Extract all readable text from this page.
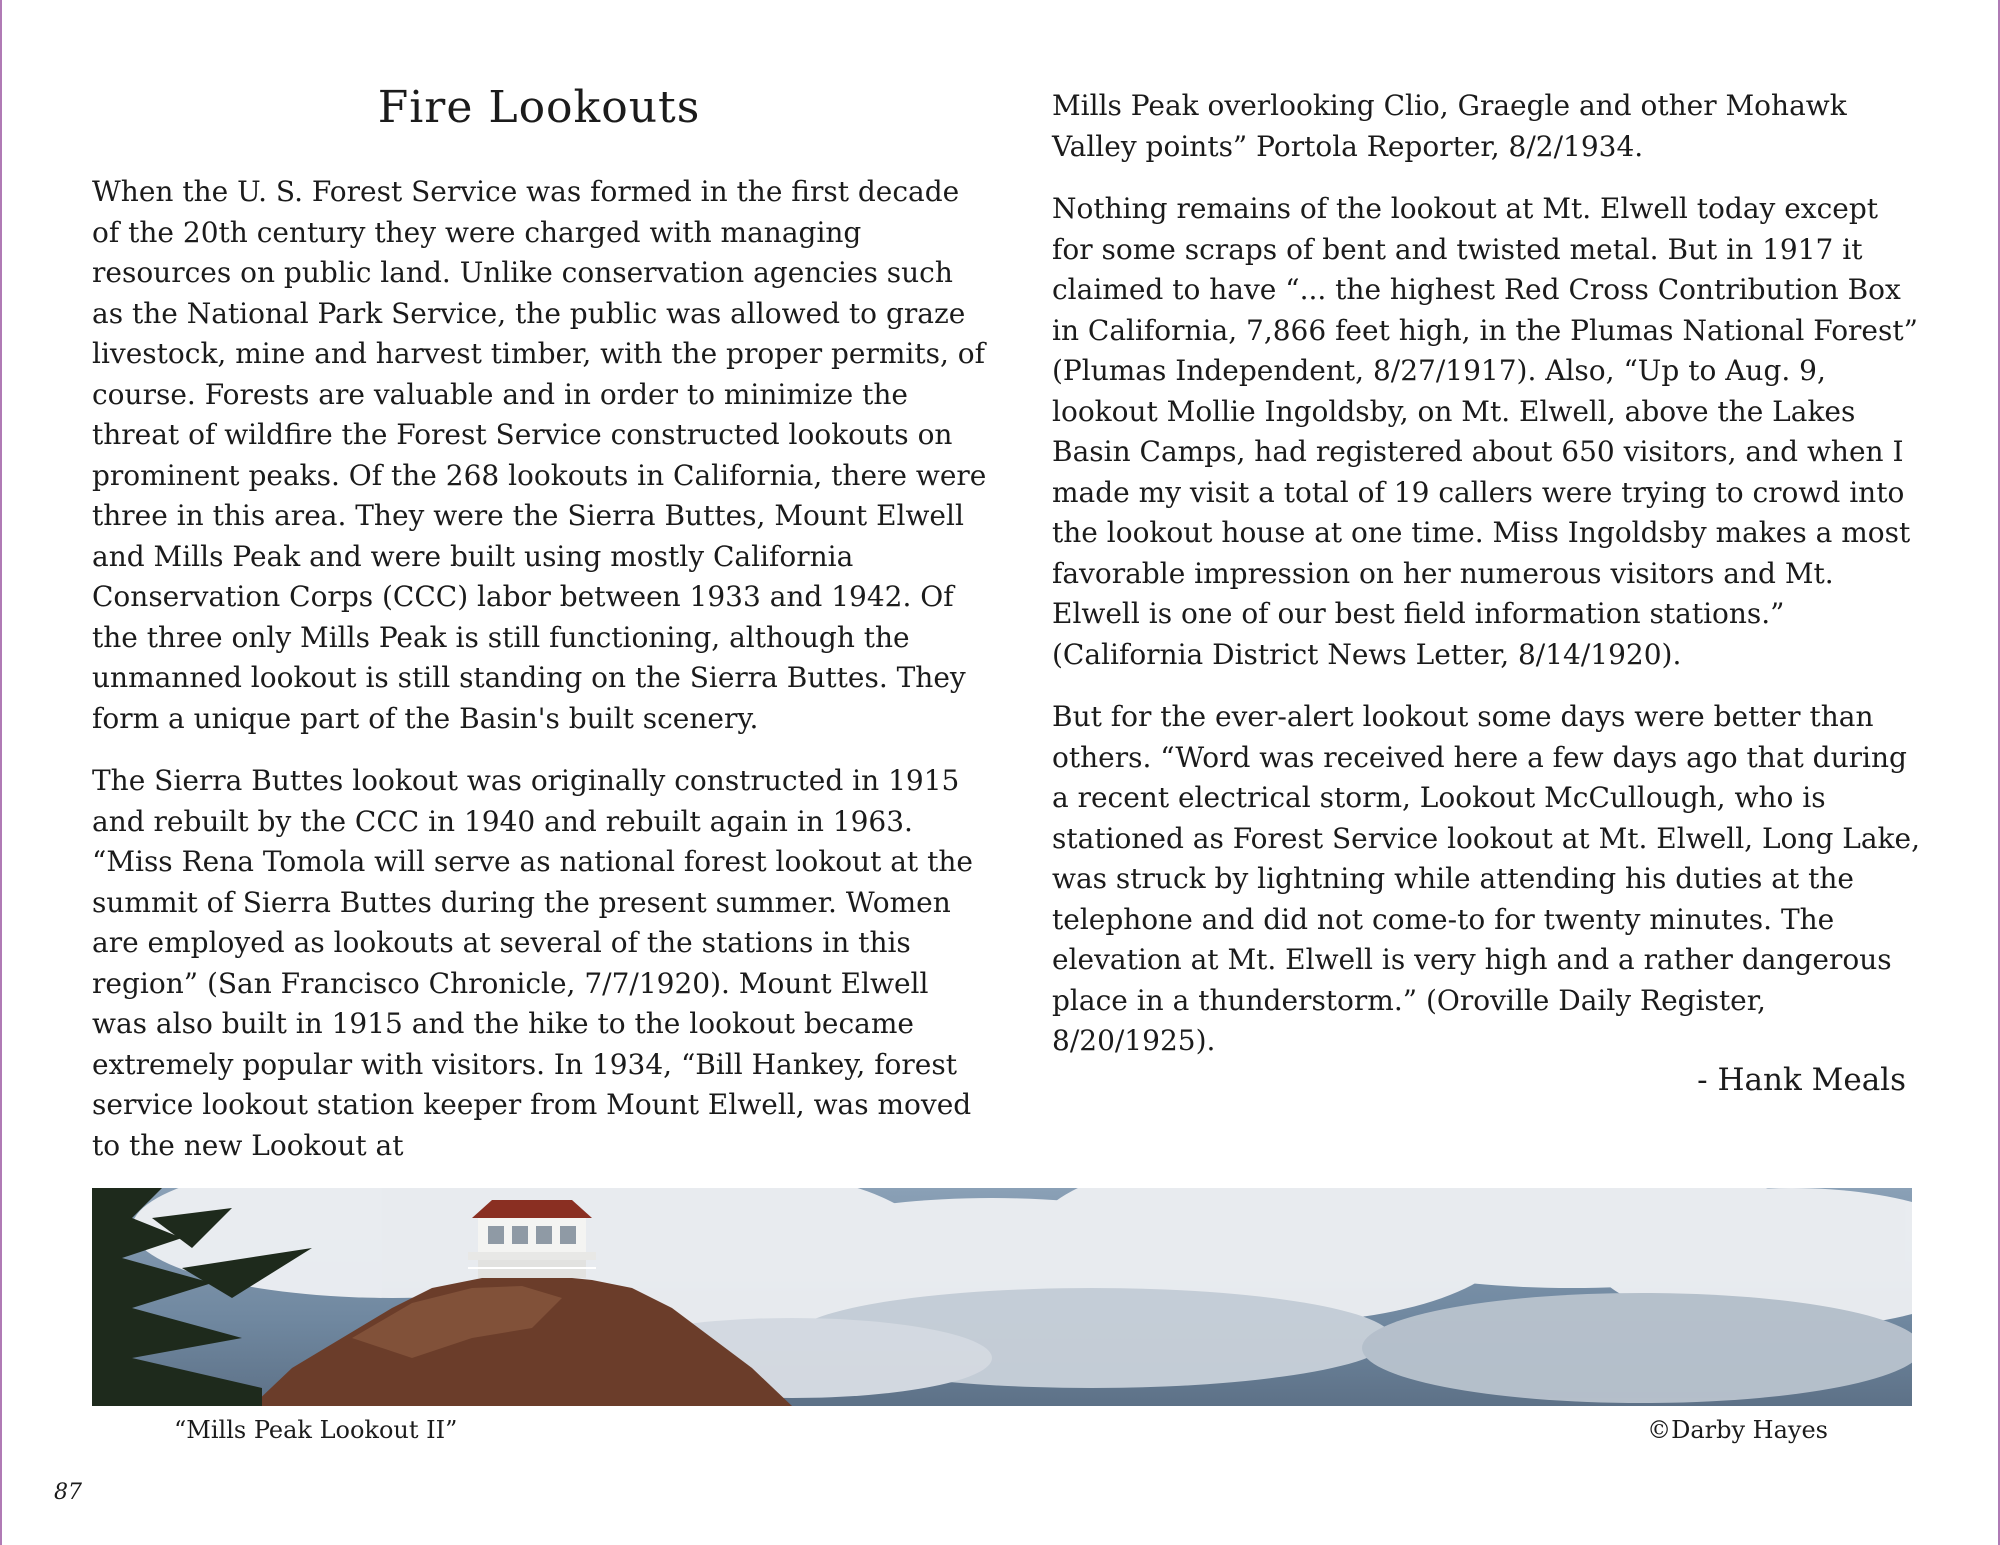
Fire Lookouts

When the U. S. Forest Service was formed in the first decade of the 20th century they were charged with managing resources on public land. Unlike conservation agencies such as the National Park Service, the public was allowed to graze livestock, mine and harvest timber, with the proper permits, of course. Forests are valuable and in order to minimize the threat of wildfire the Forest Service constructed lookouts on prominent peaks. Of the 268 lookouts in California, there were three in this area. They were the Sierra Buttes, Mount Elwell and Mills Peak and were built using mostly California Conservation Corps (CCC) labor between 1933 and 1942. Of the three only Mills Peak is still functioning, although the unmanned lookout is still standing on the Sierra Buttes. They form a unique part of the Basin's built scenery.

The Sierra Buttes lookout was originally constructed in 1915 and rebuilt by the CCC in 1940 and rebuilt again in 1963. “Miss Rena Tomola will serve as national forest lookout at the summit of Sierra Buttes during the present summer. Women are employed as lookouts at several of the stations in this region” (San Francisco Chronicle, 7/7/1920). Mount Elwell was also built in 1915 and the hike to the lookout became extremely popular with visitors. In 1934, “Bill Hankey, forest service lookout station keeper from Mount Elwell, was moved to the new Lookout at

Mills Peak overlooking Clio, Graegle and other Mohawk Valley points” Portola Reporter, 8/2/1934.

Nothing remains of the lookout at Mt. Elwell today except for some scraps of bent and twisted metal. But in 1917 it claimed to have “... the highest Red Cross Contribution Box in California, 7,866 feet high, in the Plumas National Forest” (Plumas Independent, 8/27/1917). Also, “Up to Aug. 9, lookout Mollie Ingoldsby, on Mt. Elwell, above the Lakes Basin Camps, had registered about 650 visitors, and when I made my visit a total of 19 callers were trying to crowd into the lookout house at one time. Miss Ingoldsby makes a most favorable impression on her numerous visitors and Mt. Elwell is one of our best field information stations.” (California District News Letter, 8/14/1920).

But for the ever-alert lookout some days were better than others. “Word was received here a few days ago that during a recent electrical storm, Lookout McCullough, who is stationed as Forest Service lookout at Mt. Elwell, Long Lake, was struck by lightning while attending his duties at the telephone and did not come-to for twenty minutes. The elevation at Mt. Elwell is very high and a rather dangerous place in a thunderstorm.” (Oroville Daily Register, 8/20/1925).

- Hank Meals

“Mills Peak Lookout II”	©Darby Hayes
87
